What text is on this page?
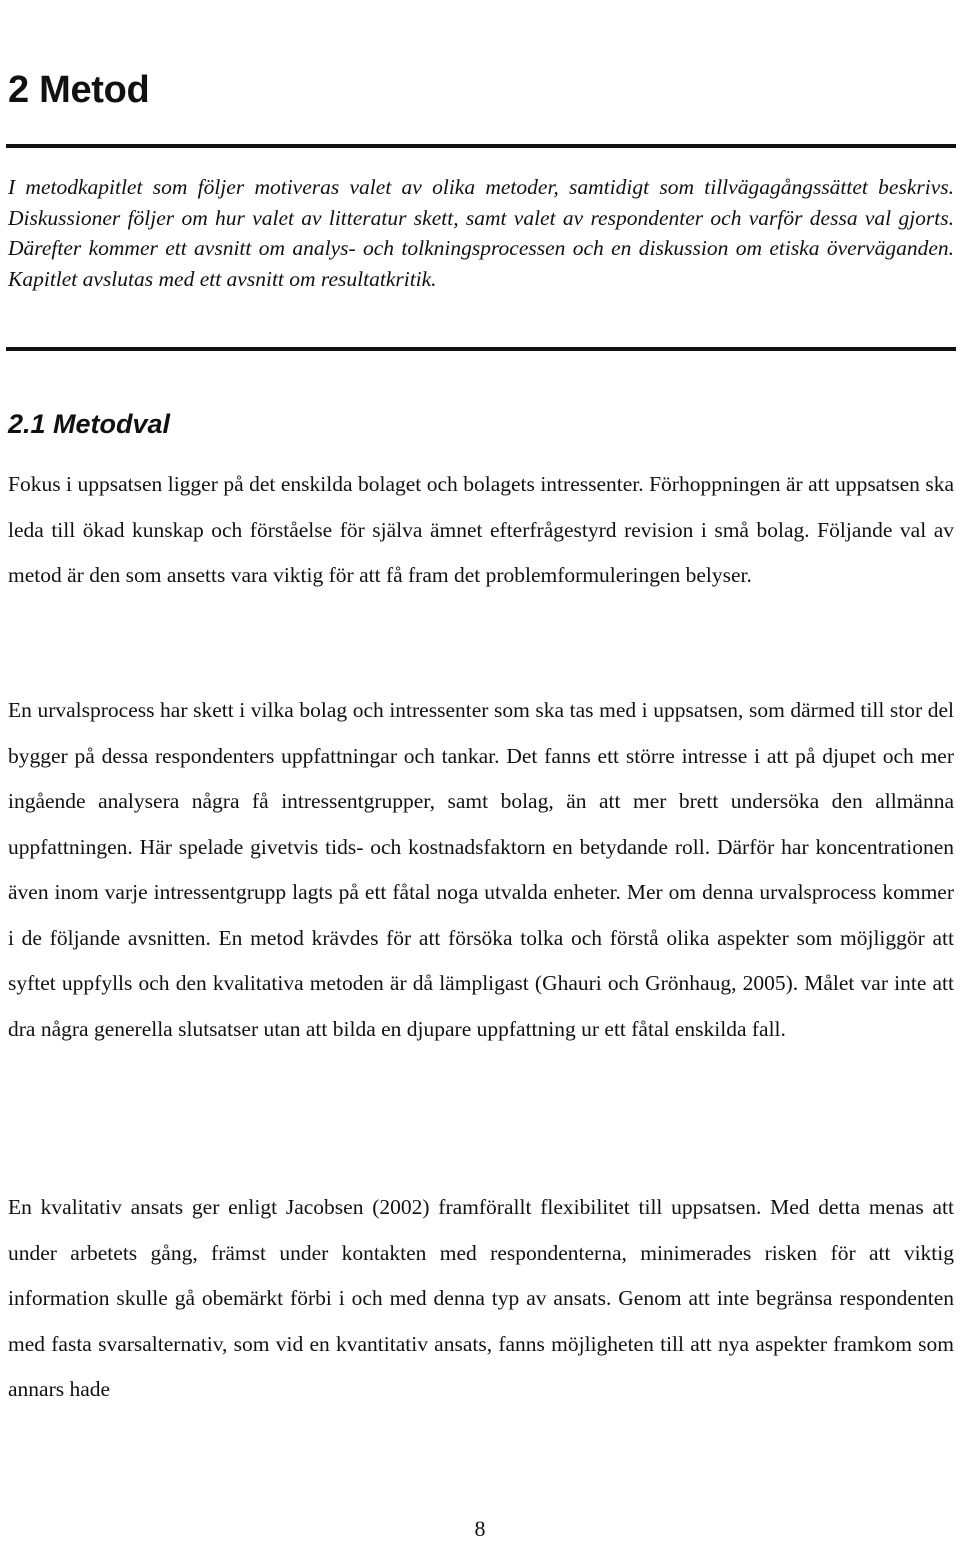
2 Metod

I metodkapitlet som följer motiveras valet av olika metoder, samtidigt som tillvägagångssättet beskrivs. Diskussioner följer om hur valet av litteratur skett, samt valet av respondenter och varför dessa val gjorts. Därefter kommer ett avsnitt om analys- och tolkningsprocessen och en diskussion om etiska överväganden. Kapitlet avslutas med ett avsnitt om resultatkritik.

2.1 Metodval

Fokus i uppsatsen ligger på det enskilda bolaget och bolagets intressenter. Förhoppningen är att uppsatsen ska leda till ökad kunskap och förståelse för själva ämnet efterfrågestyrd revision i små bolag. Följande val av metod är den som ansetts vara viktig för att få fram det problemformuleringen belyser.

En urvalsprocess har skett i vilka bolag och intressenter som ska tas med i uppsatsen, som därmed till stor del bygger på dessa respondenters uppfattningar och tankar. Det fanns ett större intresse i att på djupet och mer ingående analysera några få intressentgrupper, samt bolag, än att mer brett undersöka den allmänna uppfattningen. Här spelade givetvis tids- och kostnadsfaktorn en betydande roll. Därför har koncentrationen även inom varje intressentgrupp lagts på ett fåtal noga utvalda enheter. Mer om denna urvalsprocess kommer i de följande avsnitten. En metod krävdes för att försöka tolka och förstå olika aspekter som möjliggör att syftet uppfylls och den kvalitativa metoden är då lämpligast (Ghauri och Grönhaug, 2005). Målet var inte att dra några generella slutsatser utan att bilda en djupare uppfattning ur ett fåtal enskilda fall.

En kvalitativ ansats ger enligt Jacobsen (2002) framförallt flexibilitet till uppsatsen. Med detta menas att under arbetets gång, främst under kontakten med respondenterna, minimerades risken för att viktig information skulle gå obemärkt förbi i och med denna typ av ansats. Genom att inte begränsa respondenten med fasta svarsalternativ, som vid en kvantitativ ansats, fanns möjligheten till att nya aspekter framkom som annars hade

8
